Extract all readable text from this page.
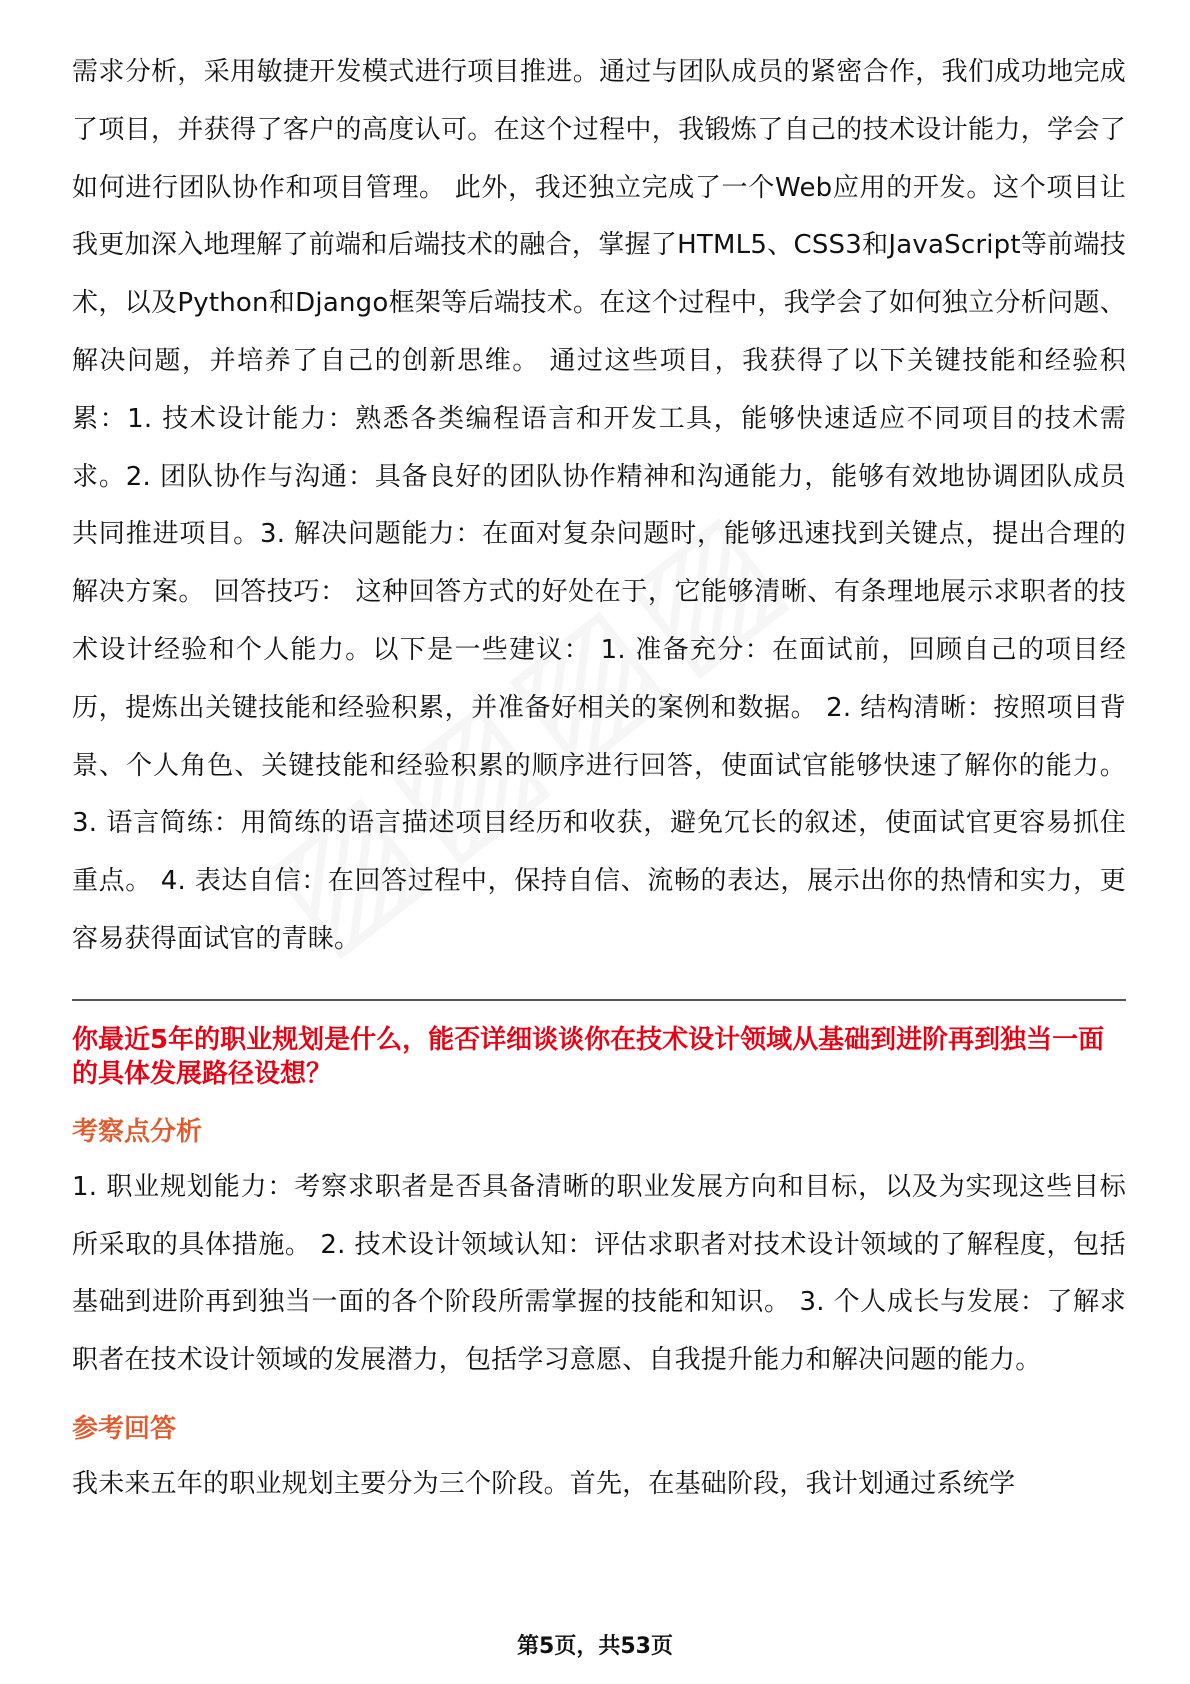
需求分析，采用敏捷开发模式进行项目推进。通过与团队成员的紧密合作，我们成功地完成了项目，并获得了客户的高度认可。在这个过程中，我锻炼了自己的技术设计能力，学会了如何进行团队协作和项目管理。 此外，我还独立完成了一个Web应用的开发。这个项目让我更加深入地理解了前端和后端技术的融合，掌握了HTML5、CSS3和JavaScript等前端技术，以及Python和Django框架等后端技术。在这个过程中，我学会了如何独立分析问题、解决问题，并培养了自己的创新思维。 通过这些项目，我获得了以下关键技能和经验积累：1. 技术设计能力：熟悉各类编程语言和开发工具，能够快速适应不同项目的技术需求。2. 团队协作与沟通：具备良好的团队协作精神和沟通能力，能够有效地协调团队成员共同推进项目。3. 解决问题能力：在面对复杂问题时，能够迅速找到关键点，提出合理的解决方案。 回答技巧： 这种回答方式的好处在于，它能够清晰、有条理地展示求职者的技术设计经验和个人能力。以下是一些建议： 1. 准备充分：在面试前，回顾自己的项目经历，提炼出关键技能和经验积累，并准备好相关的案例和数据。 2. 结构清晰：按照项目背景、个人角色、关键技能和经验积累的顺序进行回答，使面试官能够快速了解你的能力。 3. 语言简练：用简练的语言描述项目经历和收获，避免冗长的叙述，使面试官更容易抓住重点。 4. 表达自信：在回答过程中，保持自信、流畅的表达，展示出你的热情和实力，更容易获得面试官的青睐。

你最近5年的职业规划是什么，能否详细谈谈你在技术设计领域从基础到进阶再到独当一面的具体发展路径设想？

考察点分析

1. 职业规划能力：考察求职者是否具备清晰的职业发展方向和目标，以及为实现这些目标所采取的具体措施。 2. 技术设计领域认知：评估求职者对技术设计领域的了解程度，包括基础到进阶再到独当一面的各个阶段所需掌握的技能和知识。 3. 个人成长与发展：了解求职者在技术设计领域的发展潜力，包括学习意愿、自我提升能力和解决问题的能力。

参考回答

我未来五年的职业规划主要分为三个阶段。首先，在基础阶段，我计划通过系统学

第5页，共53页
